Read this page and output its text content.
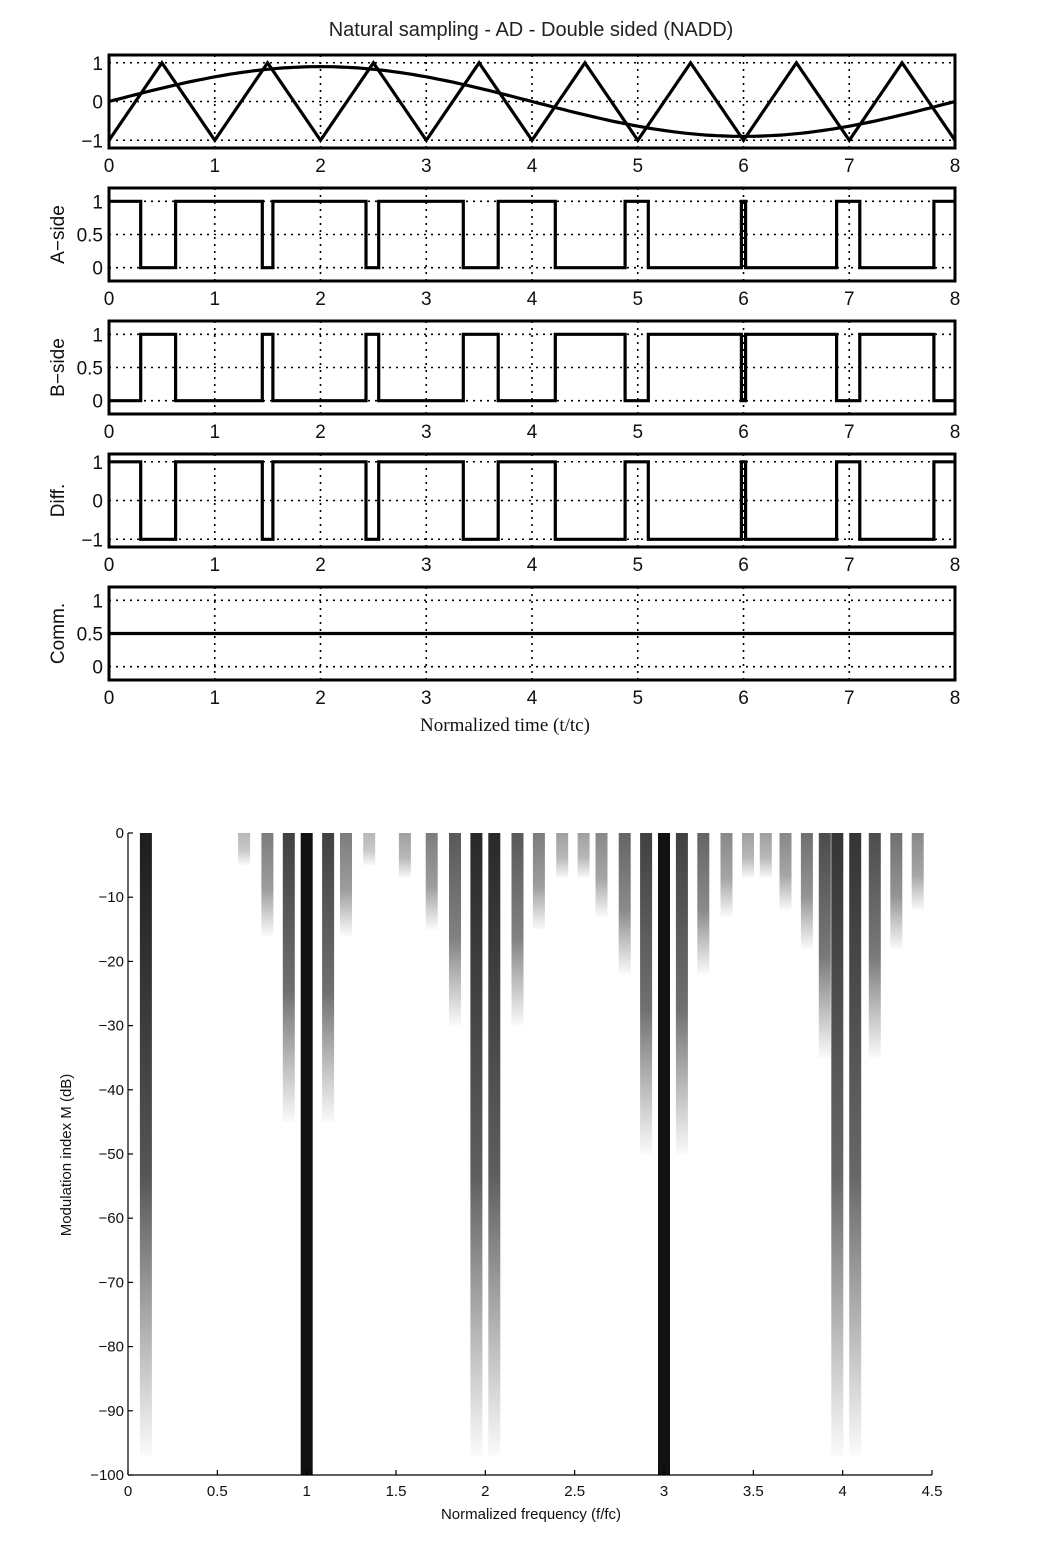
Natural sampling - AD - Double sided (NADD)
1
0
−1
0	1	2	3	4	5	6	7	8
1
0.5
0
0	1	2	3	4	5	6	7	8
A−side
1
0.5
0
0	1	2	3	4	5	6	7	8
B−side
1
0
−1
0	1	2	3	4	5	6	7	8
Diff.
1
0.5
0
0	1	2	3	4	5	6	7	8
Comm.
Normalized time (t/tc)
0
−10
−20
−30
−40
−50
−60
−70
−80
−90
−100
0	0.5	1	1.5	2	2.5	3	3.5	4	4.5
Normalized frequency (f/fc)
Modulation index M (dB)
